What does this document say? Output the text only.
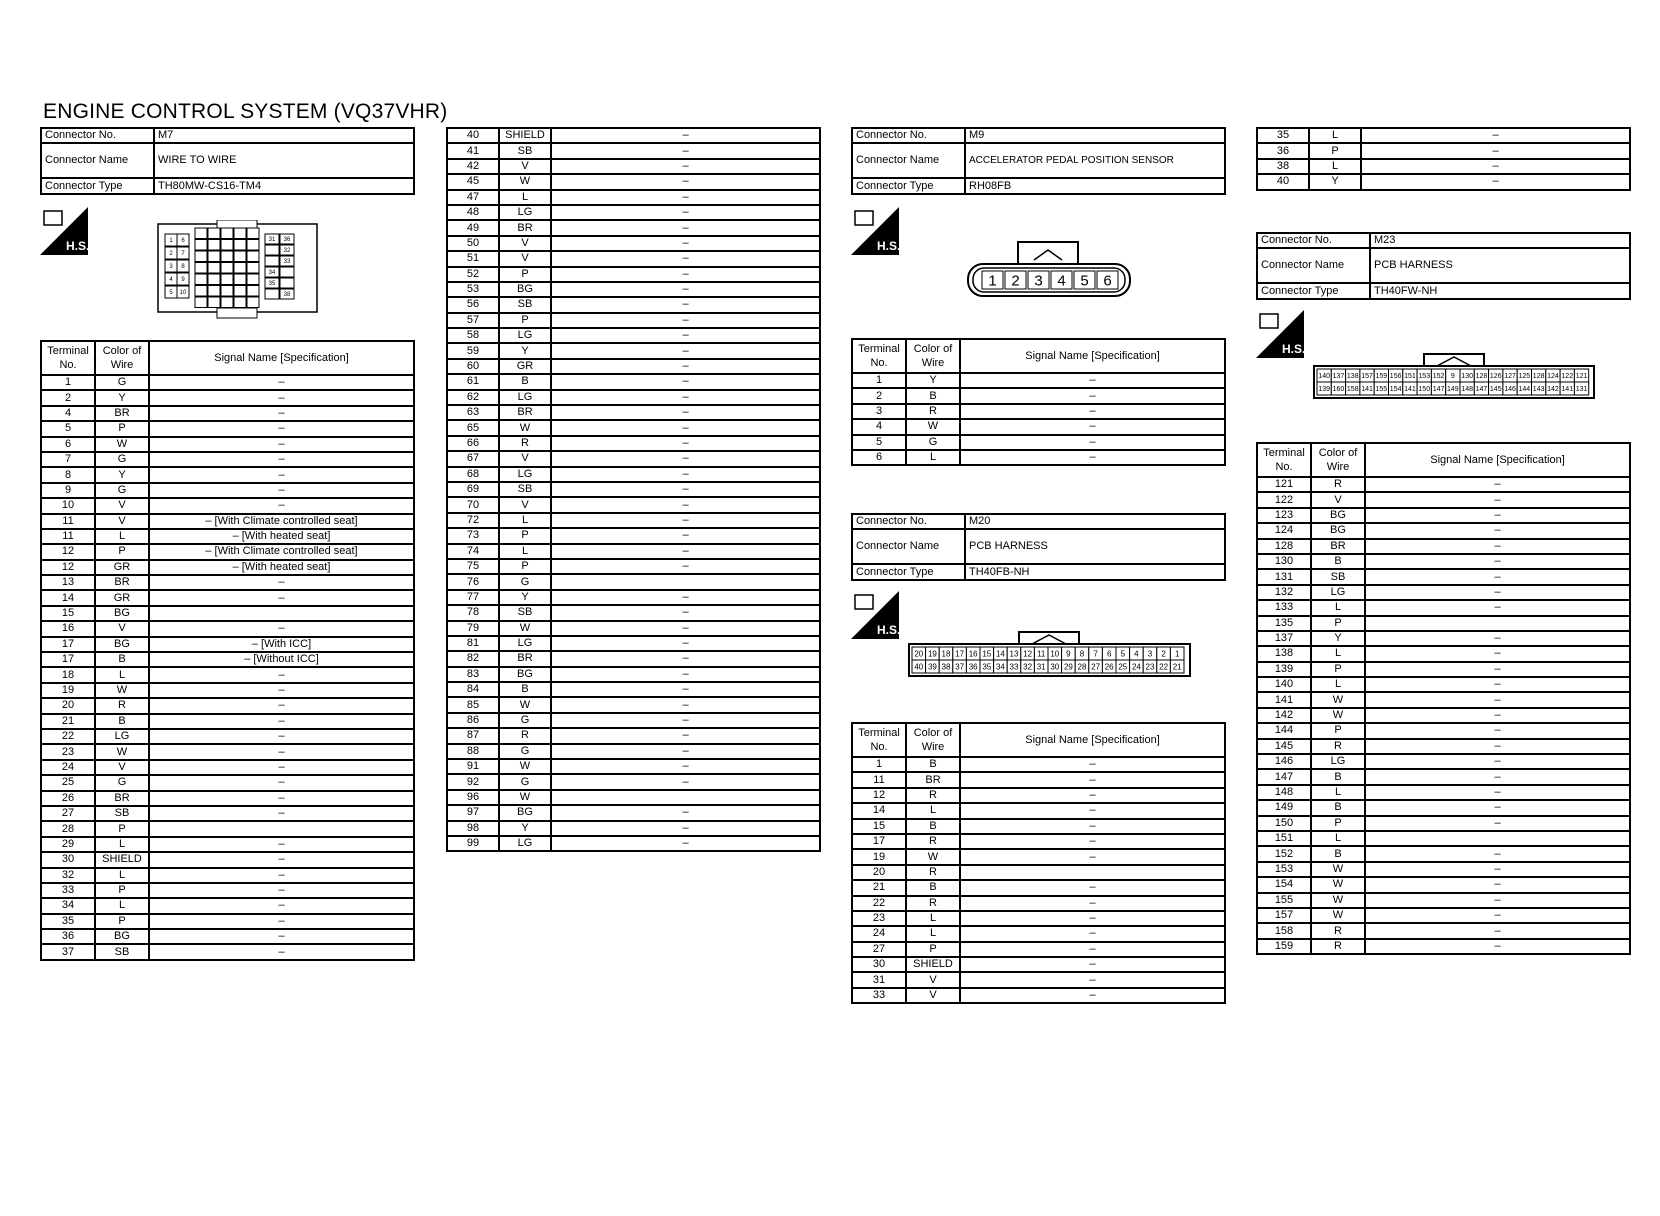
ENGINE CONTROL SYSTEM (VQ37VHR)
Connector No.	M7
Connector Name	WIRE TO WIRE
Connector Type	TH80MW-CS16-TM4
H.S.	1 6
2 7
3 8
4 9
5 10
31 36
32
33
34
35
38
Terminal No.	Color of Wire	Signal Name [Specification]
1	G	–
2	Y	–
4	BR	–
5	P	–
6	W	–
7	G	–
8	Y	–
9	G	–
10	V	–
11	V	– [With Climate controlled seat]
11	L	– [With heated seat]
12	P	– [With Climate controlled seat]
12	GR	– [With heated seat]
13	BR	–
14	GR	–
15	BG	
16	V	–
17	BG	– [With ICC]
17	B	– [Without ICC]
18	L	–
19	W	–
20	R	–
21	B	–
22	LG	–
23	W	–
24	V	–
25	G	–
26	BR	–
27	SB	–
28	P	
29	L	–
30	SHIELD	–
32	L	–
33	P	–
34	L	–
35	P	–
36	BG	–
37	SB	–
40	SHIELD	–
41	SB	–
42	V	–
45	W	–
47	L	–
48	LG	–
49	BR	–
50	V	–
51	V	–
52	P	–
53	BG	–
56	SB	–
57	P	–
58	LG	–
59	Y	–
60	GR	–
61	B	–
62	LG	–
63	BR	–
65	W	–
66	R	–
67	V	–
68	LG	–
69	SB	–
70	V	–
72	L	–
73	P	–
74	L	–
75	P	–
76	G	
77	Y	–
78	SB	–
79	W	–
81	LG	–
82	BR	–
83	BG	–
84	B	–
85	W	–
86	G	–
87	R	–
88	G	–
91	W	–
92	G	–
96	W	
97	BG	–
98	Y	–
99	LG	–
Connector No.	M9
Connector Name	ACCELERATOR PEDAL POSITION SENSOR
Connector Type	RH08FB
H.S.
1 2 3 4 5 6
Terminal No.	Color of Wire	Signal Name [Specification]
1	Y	–
2	B	–
3	R	–
4	W	–
5	G	–
6	L	–
Connector No.	M20
Connector Name	PCB HARNESS
Connector Type	TH40FB-NH
H.S.
20 19 18 17 16 15 14 13 12 11 10 9 8 7 6 5 4 3 2 1
40 39 38 37 36 35 34 33 32 31 30 29 28 27 26 25 24 23 22 21
Terminal No.	Color of Wire	Signal Name [Specification]
1	B	–
11	BR	–
12	R	–
14	L	–
15	B	–
17	R	–
19	W	–
20	R	
21	B	–
22	R	–
23	L	–
24	L	–
27	P	–
30	SHIELD	–
31	V	–
33	V	–
35	L	–
36	P	–
38	L	–
40	Y	–
Connector No.	M23
Connector Name	PCB HARNESS
Connector Type	TH40FW-NH
H.S.
140 137 138 157 159 156 151 153 152 9 130 128 126 127 125 128 124 122 121
139 160 158 141 155 154 141 150 147 149 148 147 145 146 144 143 142 141 131
Terminal No.	Color of Wire	Signal Name [Specification]
121	R	–
122	V	–
123	BG	–
124	BG	–
128	BR	–
130	B	–
131	SB	–
132	LG	–
133	L	–
135	P	
137	Y	–
138	L	–
139	P	–
140	L	–
141	W	–
142	W	–
144	P	–
145	R	–
146	LG	–
147	B	–
148	L	–
149	B	–
150	P	–
151	L	
152	B	–
153	W	–
154	W	–
155	W	–
157	W	–
158	R	–
159	R	–
